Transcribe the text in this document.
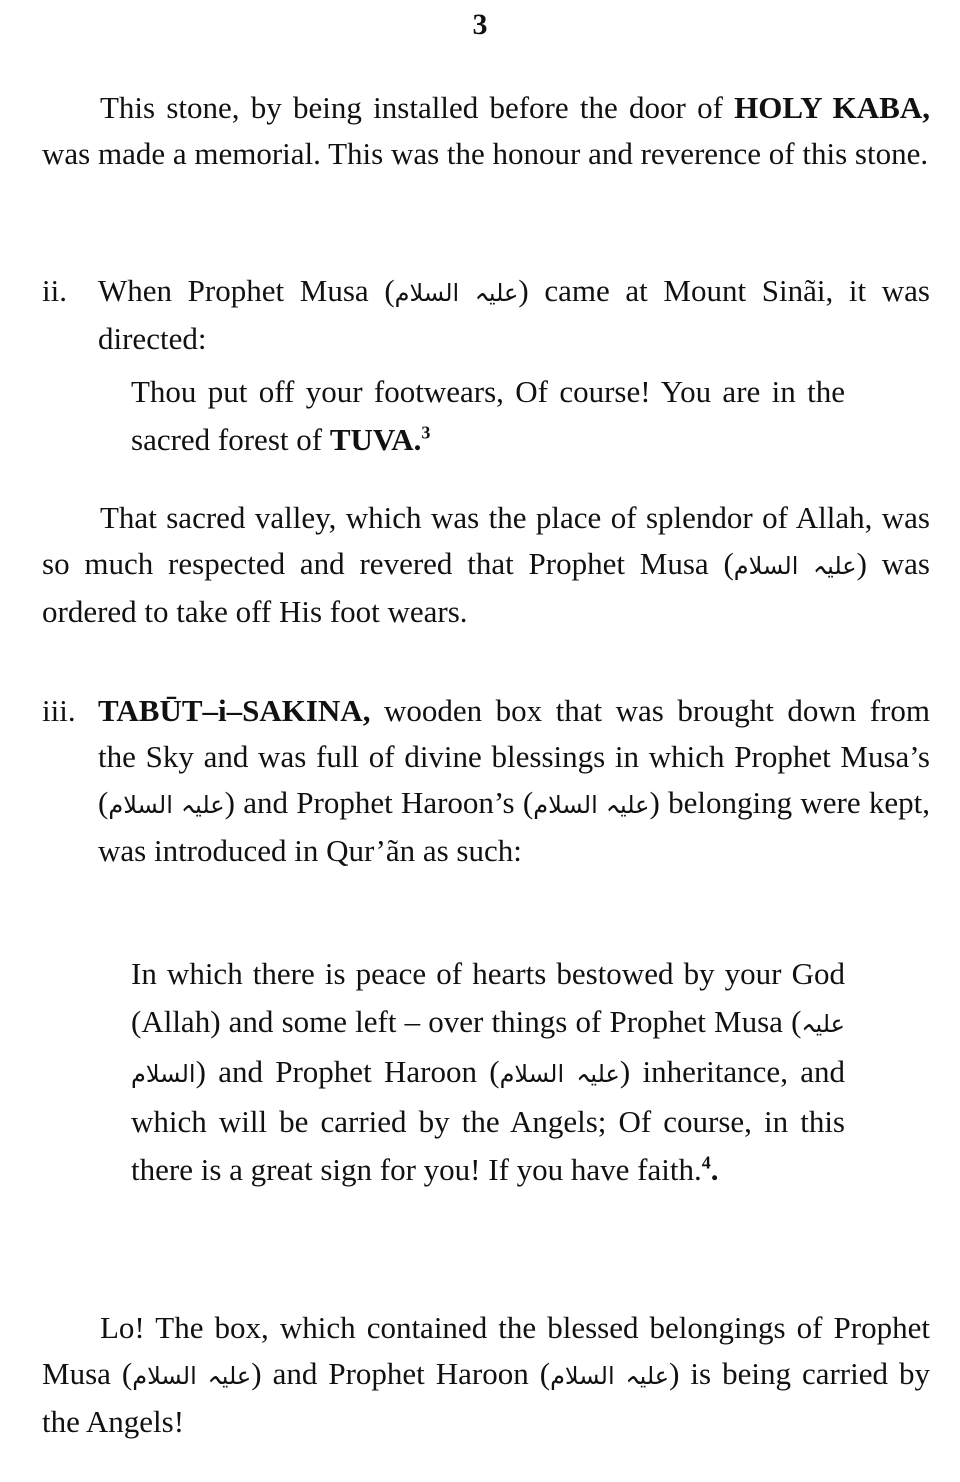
3

This stone, by being installed before the door of HOLY KABA, was made a memorial. This was the honour and reverence of this stone.

ii. When Prophet Musa (عليہ السلام) came at Mount Sinãi, it was directed:

Thou put off your footwears, Of course! You are in the sacred forest of TUVA.$^3$

That sacred valley, which was the place of splendor of Allah, was so much respected and revered that Prophet Musa (عليہ السلام) was ordered to take off His foot wears.

iii. TABŪT–i–SAKINA, wooden box that was brought down from the Sky and was full of divine blessings in which Prophet Musa’s (عليہ السلام) and Prophet Haroon’s (عليہ السلام) belonging were kept, was introduced in Qur’ãn as such:

In which there is peace of hearts bestowed by your God (Allah) and some left – over things of Prophet Musa (عليہ السلام) and Prophet Haroon (عليہ السلام) inheritance, and which will be carried by the Angels; Of course, in this there is a great sign for you! If you have faith.$^4$.

Lo! The box, which contained the blessed belongings of Prophet Musa (عليہ السلام) and Prophet Haroon (عليہ السلام) is being carried by the Angels!
